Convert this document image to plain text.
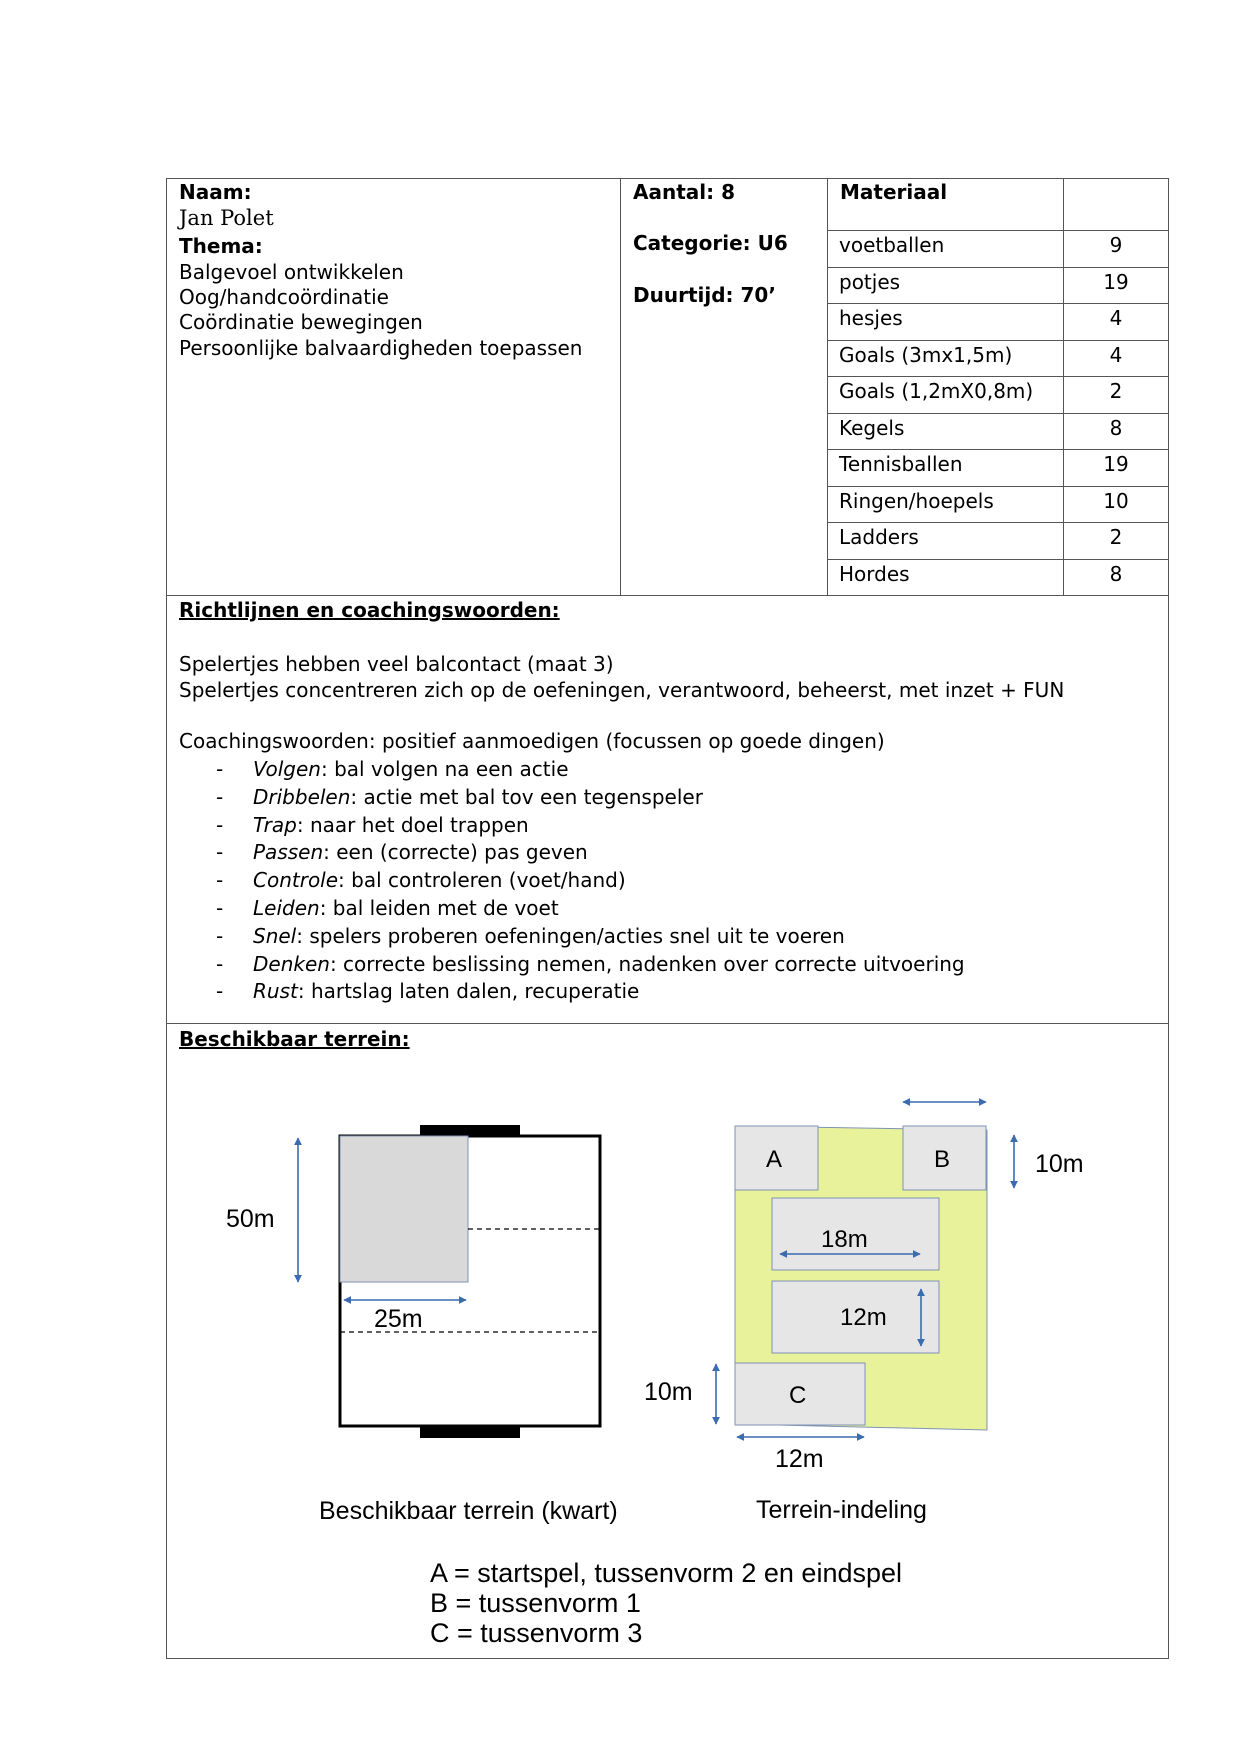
Naam:
Jan Polet
Thema:
Balgevoel ontwikkelen
Oog/handcoördinatie
Coördinatie bewegingen
Persoonlijke balvaardigheden toepassen
Aantal: 8
Categorie: U6
Duurtijd: 70’
Materiaal
voetballen	9
potjes	19
hesjes	4
Goals (3mx1,5m)	4
Goals (1,2mX0,8m)	2
Kegels	8
Tennisballen	19
Ringen/hoepels	10
Ladders	2
Hordes	8
Richtlijnen en coachingswoorden:
Spelertjes hebben veel balcontact (maat 3)
Spelertjes concentreren zich op de oefeningen, verantwoord, beheerst, met inzet + FUN
Coachingswoorden: positief aanmoedigen (focussen op goede dingen)
- Volgen: bal volgen na een actie
- Dribbelen: actie met bal tov een tegenspeler
- Trap: naar het doel trappen
- Passen: een (correcte) pas geven
- Controle: bal controleren (voet/hand)
- Leiden: bal leiden met de voet
- Snel: spelers proberen oefeningen/acties snel uit te voeren
- Denken: correcte beslissing nemen, nadenken over correcte uitvoering
- Rust: hartslag laten dalen, recuperatie
Beschikbaar terrein:
50m
25m
Beschikbaar terrein (kwart)
A	B	10m
18m
12m
C
10m
12m
Terrein-indeling
A = startspel, tussenvorm 2 en eindspel
B = tussenvorm 1
C = tussenvorm 3
